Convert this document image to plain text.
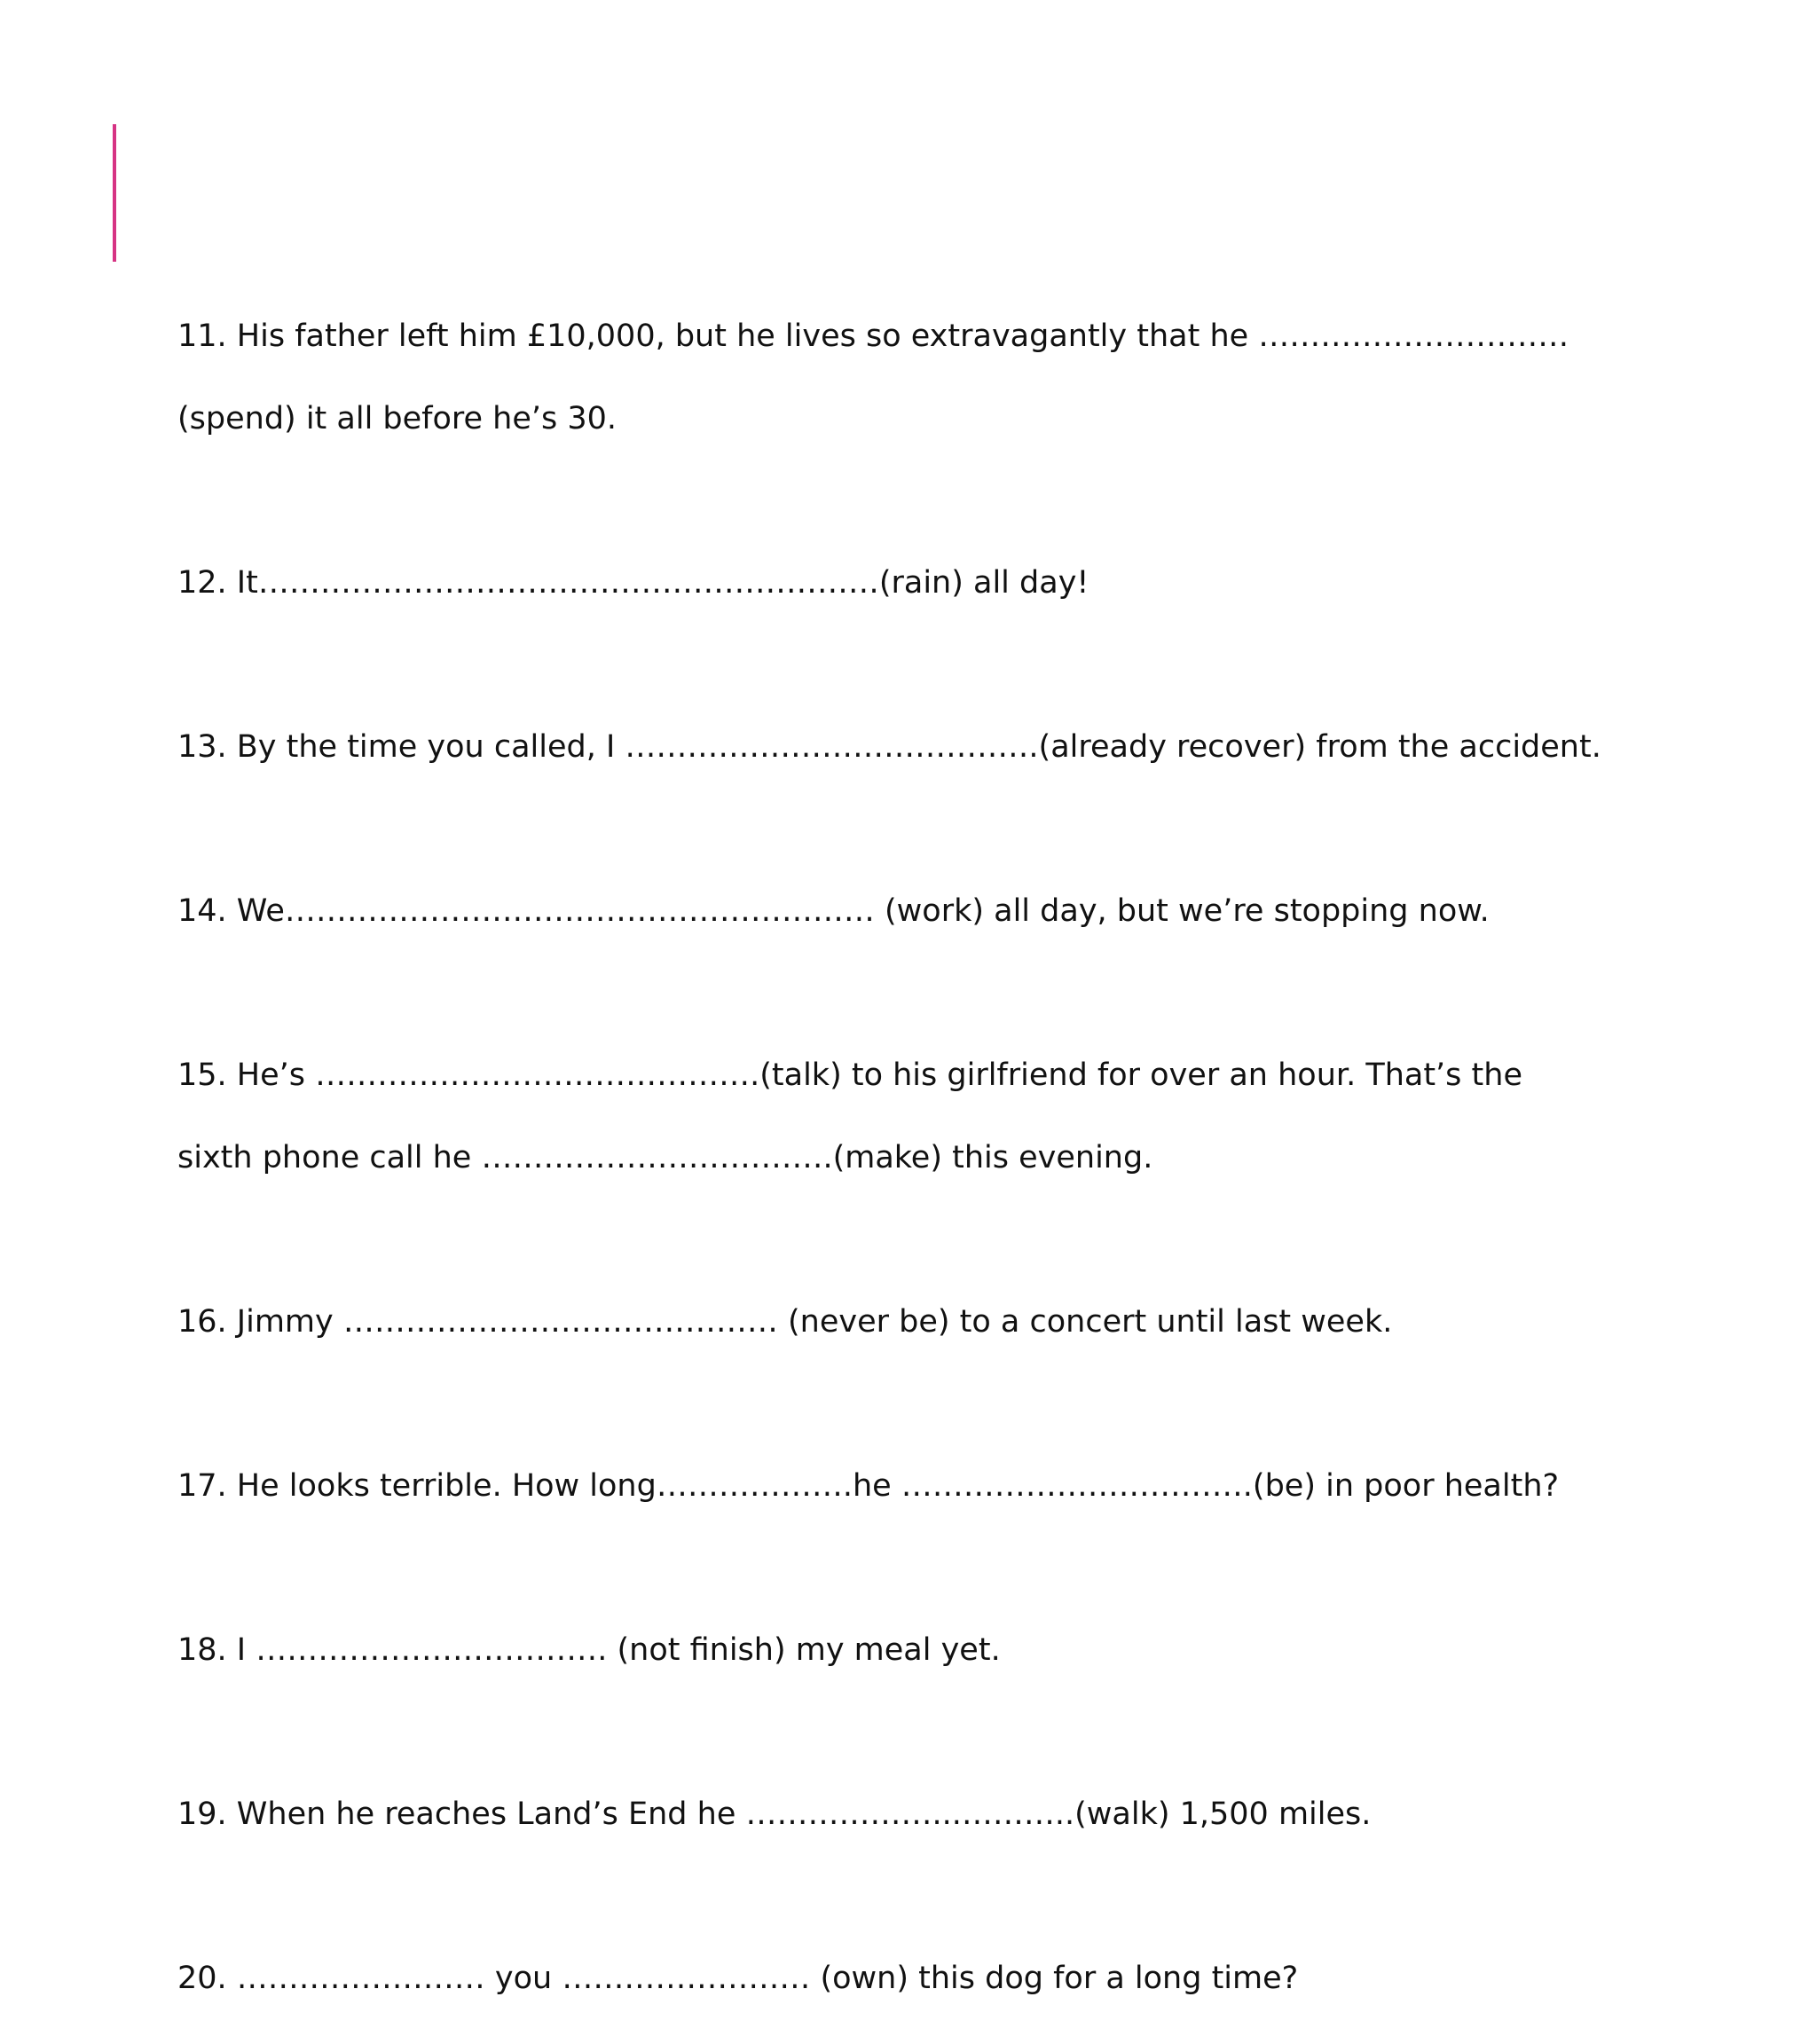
11. His father left him £10,000, but he lives so extravagantly that he …………………………

(spend) it all before he’s 30.

12. It……………………………………………………(rain) all day!

13. By the time you called, I ………………………………….(already recover) from the accident.

14. We………………………………………………… (work) all day, but we’re stopping now.

15. He’s …………………………………….(talk) to his girlfriend for over an hour. That’s the

sixth phone call he …………………………….(make) this evening.

16. Jimmy …………………………………… (never be) to a concert until last week.

17. He looks terrible. How long……………….he …………………………….(be) in poor health?

18. I ……………………………. (not finish) my meal yet.

19. When he reaches Land’s End he ………………...………..(walk) 1,500 miles.

20. …………………… you …………………… (own) this dog for a long time?
